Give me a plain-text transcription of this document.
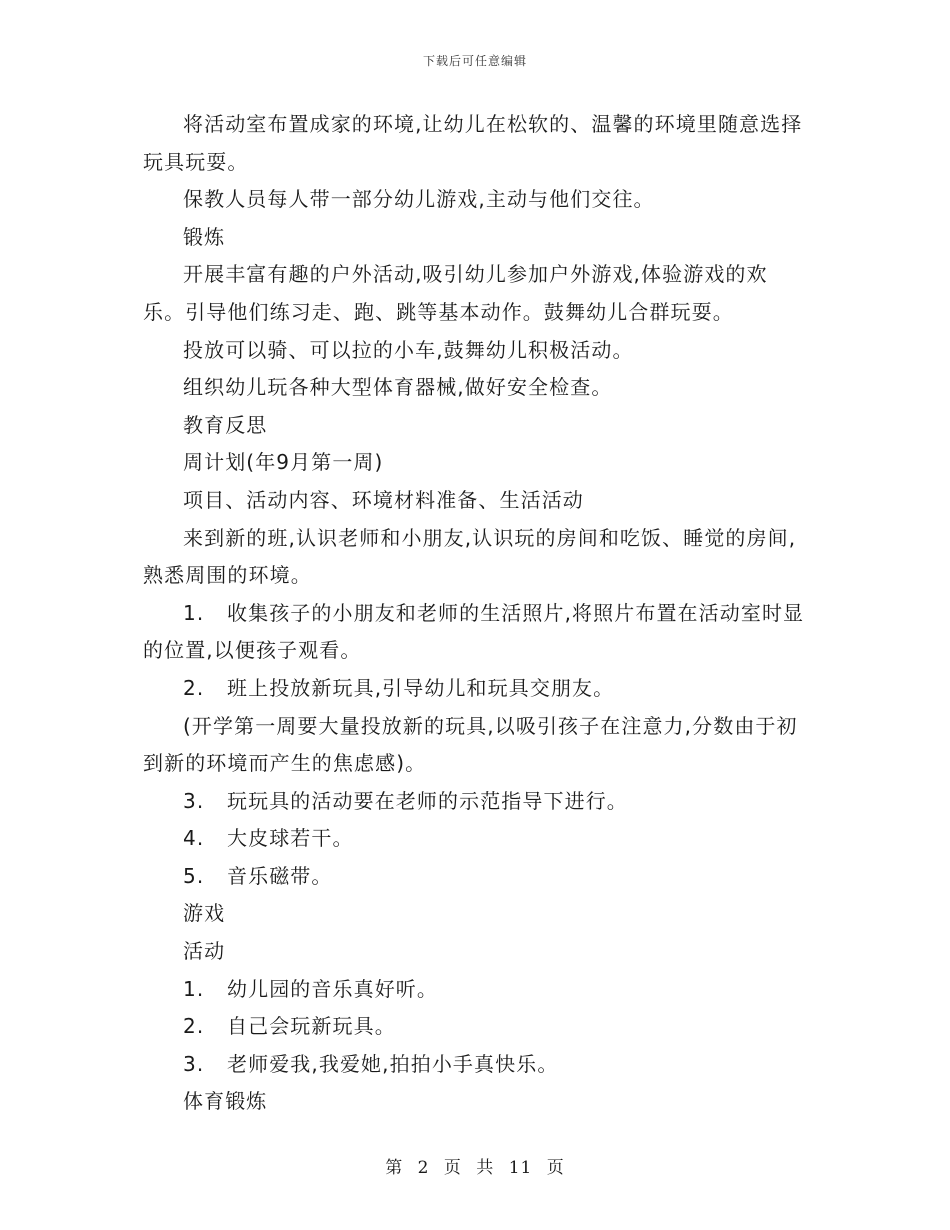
下载后可任意编辑

将活动室布置成家的环境,让幼儿在松软的、温馨的环境里随意选择玩具玩耍。

保教人员每人带一部分幼儿游戏,主动与他们交往。

锻炼

开展丰富有趣的户外活动,吸引幼儿参加户外游戏,体验游戏的欢乐。引导他们练习走、跑、跳等基本动作。鼓舞幼儿合群玩耍。

投放可以骑、可以拉的小车,鼓舞幼儿积极活动。

组织幼儿玩各种大型体育器械,做好安全检查。

教育反思

周计划(年9月第一周)

项目、活动内容、环境材料准备、生活活动

来到新的班,认识老师和小朋友,认识玩的房间和吃饭、睡觉的房间,熟悉周围的环境。

1. 收集孩子的小朋友和老师的生活照片,将照片布置在活动室时显的位置,以便孩子观看。

2. 班上投放新玩具,引导幼儿和玩具交朋友。

(开学第一周要大量投放新的玩具,以吸引孩子在注意力,分数由于初到新的环境而产生的焦虑感)。

3. 玩玩具的活动要在老师的示范指导下进行。

4. 大皮球若干。

5. 音乐磁带。

游戏

活动

1. 幼儿园的音乐真好听。

2. 自己会玩新玩具。

3. 老师爱我,我爱她,拍拍小手真快乐。

体育锻炼

第 2 页 共 11 页
